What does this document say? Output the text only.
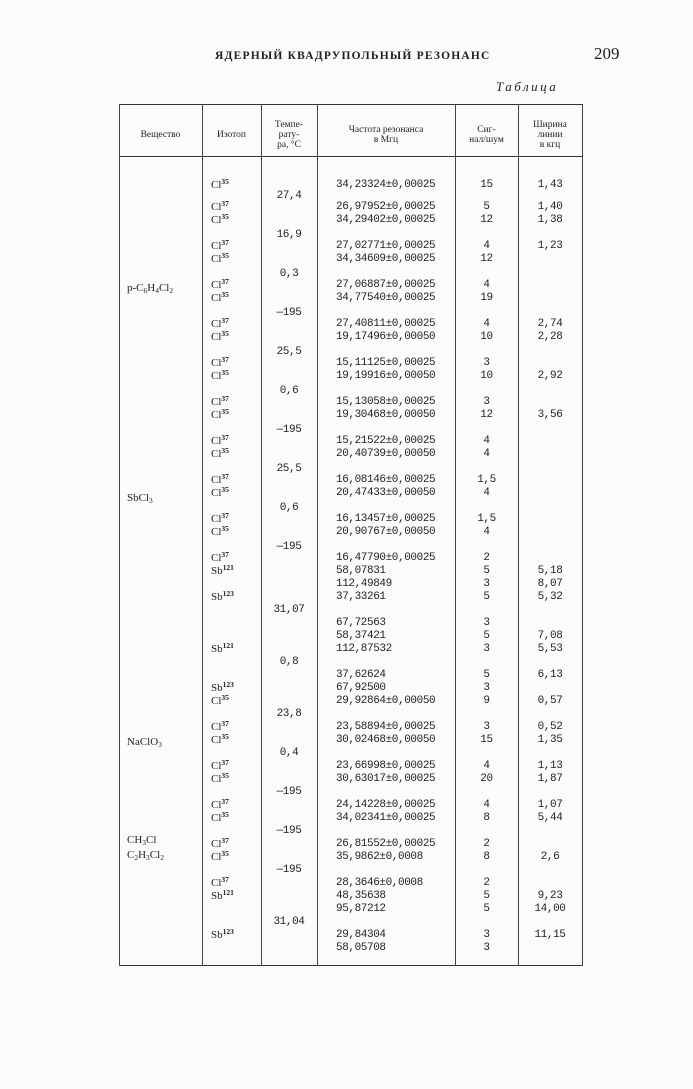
ЯДЕРНЫЙ КВАДРУПОЛЬНЫЙ РЕЗОНАНС	209
Таблица
Вещество	Изотоп
Темпе-
рату-
ра, °С
Частота резонанса
в Мгц
Сиг-
нал/шум
Ширина
линии
в кгц
$p-C_6H_4Cl_2$
SbCl$_3$
NaClO$_3$
$CH_3Cl$
$C_2H_3Cl_2$
Cl$^{35}$
Cl$^{37}$
Cl$^{35}$
Cl$^{37}$
Cl$^{35}$
Cl$^{37}$
Cl$^{35}$
Cl$^{37}$
Cl$^{35}$
Cl$^{37}$
Cl$^{35}$
Cl$^{37}$
Cl$^{35}$
Cl$^{37}$
Cl$^{35}$
Cl$^{37}$
Cl$^{35}$
Cl$^{37}$
Cl$^{35}$
Cl$^{37}$
Sb$^{121}$
Sb$^{123}$
Sb$^{121}$
Sb$^{123}$
Cl$^{35}$
Cl$^{37}$
Cl$^{35}$
Cl$^{37}$
Cl$^{35}$
Cl$^{37}$
Cl$^{35}$
Cl$^{37}$
Cl$^{35}$
Cl$^{37}$
Sb$^{121}$
Sb$^{123}$
27,4
16,9
0,3
—195
25,5
0,6
—195
25,5
0,6
—195
31,07
0,8
23,8
0,4
—195
—195
—195
31,04
34,23324±0,00025
26,97952±0,00025
34,29402±0,00025
27,02771±0,00025
34,34609±0,00025
27,06887±0,00025
34,77540±0,00025
27,40811±0,00025
19,17496±0,00050
15,11125±0,00025
19,19916±0,00050
15,13058±0,00025
19,30468±0,00050
15,21522±0,00025
20,40739±0,00050
16,08146±0,00025
20,47433±0,00050
16,13457±0,00025
20,90767±0,00050
16,47790±0,00025
58,07831
112,49849
37,33261
67,72563
58,37421
112,87532
37,62624
67,92500
29,92864±0,00050
23,58894±0,00025
30,02468±0,00050
23,66998±0,00025
30,63017±0,00025
24,14228±0,00025
34,02341±0,00025
26,81552±0,00025
35,9862±0,0008
28,3646±0,0008
48,35638
95,87212
29,84304
58,05708
15
5
12
4
12
4
19
4
10
3
10
3
12
4
4
1,5
4
1,5
4
2
5
3
5
3
5
3
5
3
9
3
15
4
20
4
8
2
8
2
5
5
3
3
1,43
1,40
1,38
1,23
2,74
2,28
2,92
3,56
5,18
8,07
5,32
7,08
5,53
6,13
0,57
0,52
1,35
1,13
1,87
1,07
5,44
2,6
9,23
14,00
11,15
